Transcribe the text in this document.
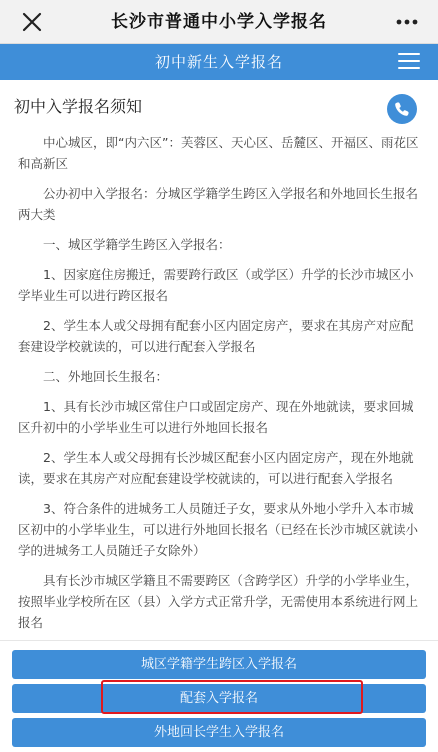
长沙市普通中小学入学报名
初中新生入学报名
初中入学报名须知

中心城区，即“内六区”：芙蓉区、天心区、岳麓区、开福区、雨花区和高新区

公办初中入学报名：分城区学籍学生跨区入学报名和外地回长生报名两大类

一、城区学籍学生跨区入学报名：

1、因家庭住房搬迁，需要跨行政区（或学区）升学的长沙市城区小学毕业生可以进行跨区报名

2、学生本人或父母拥有配套小区内固定房产，要求在其房产对应配套建设学校就读的，可以进行配套入学报名

二、外地回长生报名：

1、具有长沙市城区常住户口或固定房产、现在外地就读，要求回城区升初中的小学毕业生可以进行外地回长报名

2、学生本人或父母拥有长沙城区配套小区内固定房产，现在外地就读，要求在其房产对应配套建设学校就读的，可以进行配套入学报名

3、符合条件的进城务工人员随迁子女，要求从外地小学升入本市城区初中的小学毕业生，可以进行外地回长报名（已经在长沙市城区就读小学的进城务工人员随迁子女除外）

具有长沙市城区学籍且不需要跨区（含跨学区）升学的小学毕业生，按照毕业学校所在区（县）入学方式正常升学，无需使用本系统进行网上报名

城区学籍学生跨区入学报名
配套入学报名
外地回长学生入学报名
